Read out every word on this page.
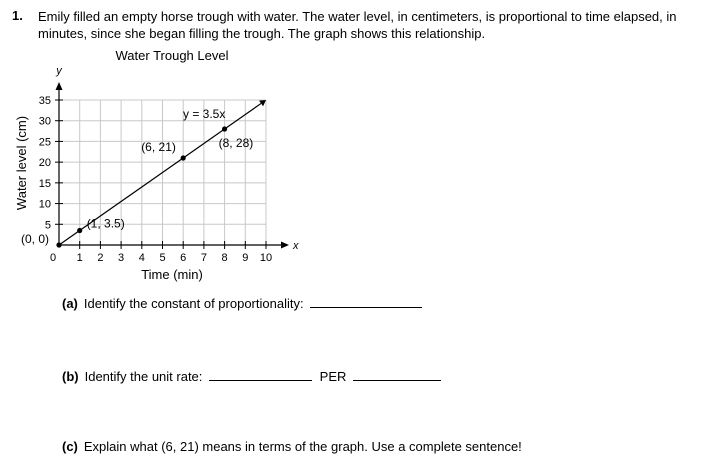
1. Emily filled an empty horse trough with water. The water level, in centimeters, is proportional to time elapsed, in minutes, since she began filling the trough. The graph shows this relationship.
Water Trough Level
x
y
1 2 3 4 5 6 7 8 9 10
5
10
15
20
25
30
35
0
Time (min)
Water level (cm)
y = 3.5x
(0, 0)
(1, 3.5)
(6, 21)	(8, 28)
(a) Identify the constant of proportionality:
(b) Identify the unit rate:	PER
(c) Explain what (6, 21) means in terms of the graph. Use a complete sentence!
